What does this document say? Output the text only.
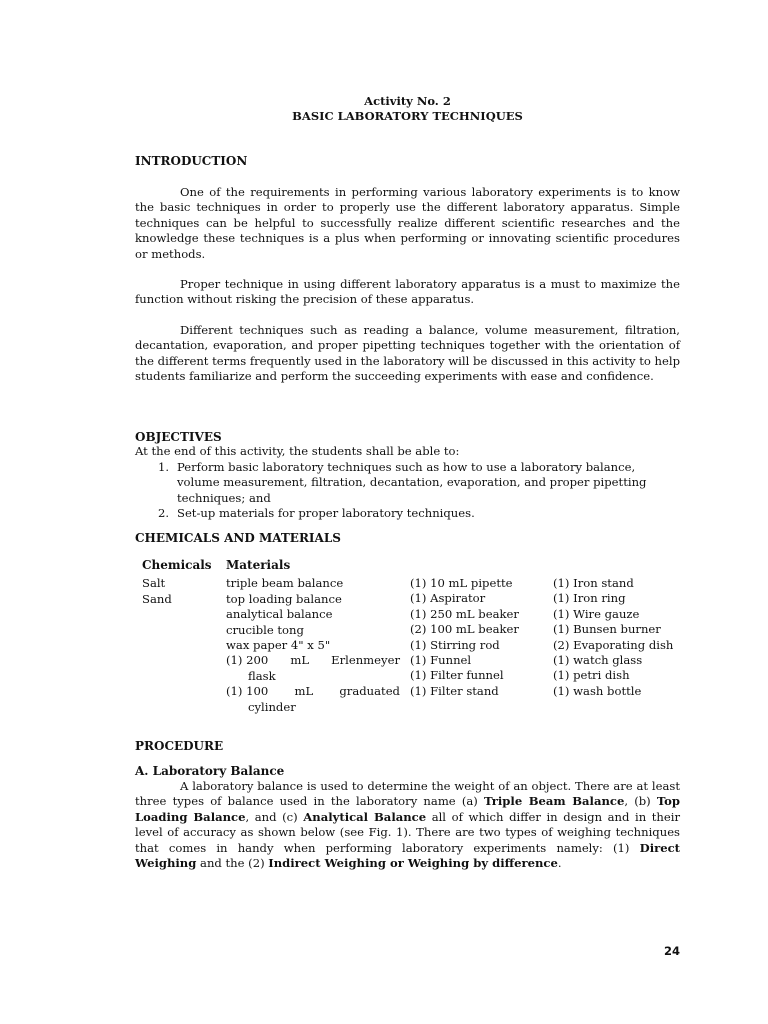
Activity No. 2
BASIC LABORATORY TECHNIQUES
INTRODUCTION

One of the requirements in performing various laboratory experiments is to know the basic techniques in order to properly use the different laboratory apparatus. Simple techniques can be helpful to successfully realize different scientific researches and the knowledge these techniques is a plus when performing or innovating scientific procedures or methods.

Proper technique in using different laboratory apparatus is a must to maximize the function without risking the precision of these apparatus.

Different techniques such as reading a balance, volume measurement, filtration, decantation, evaporation, and proper pipetting techniques together with the orientation of the different terms frequently used in the laboratory will be discussed in this activity to help students familiarize and perform the succeeding experiments with ease and confidence.

OBJECTIVES

At the end of this activity, the students shall be able to:

1. Perform basic laboratory techniques such as how to use a laboratory balance, volume measurement, filtration, decantation, evaporation, and proper pipetting techniques; and
2. Set-up materials for proper laboratory techniques.
CHEMICALS AND MATERIALS
Chemicals
Salt
Sand
Materials
triple beam balance
top loading balance
analytical balance
crucible tong
wax paper 4" x 5"
(1) 200 mL Erlenmeyer
flask
(1) 100 mL graduated
cylinder
(1) 10 mL pipette
(1) Aspirator
(1) 250 mL beaker
(2) 100 mL beaker
(1) Stirring rod
(1) Funnel
(1) Filter funnel
(1) Filter stand
(1) Iron stand
(1) Iron ring
(1) Wire gauze
(1) Bunsen burner
(2) Evaporating dish
(1) watch glass
(1) petri dish
(1) wash bottle
PROCEDURE
A. Laboratory Balance

A laboratory balance is used to determine the weight of an object. There are at least three types of balance used in the laboratory name (a) Triple Beam Balance, (b) Top Loading Balance, and (c) Analytical Balance all of which differ in design and in their level of accuracy as shown below (see Fig. 1). There are two types of weighing techniques that comes in handy when performing laboratory experiments namely: (1) Direct Weighing and the (2) Indirect Weighing or Weighing by difference.

24
